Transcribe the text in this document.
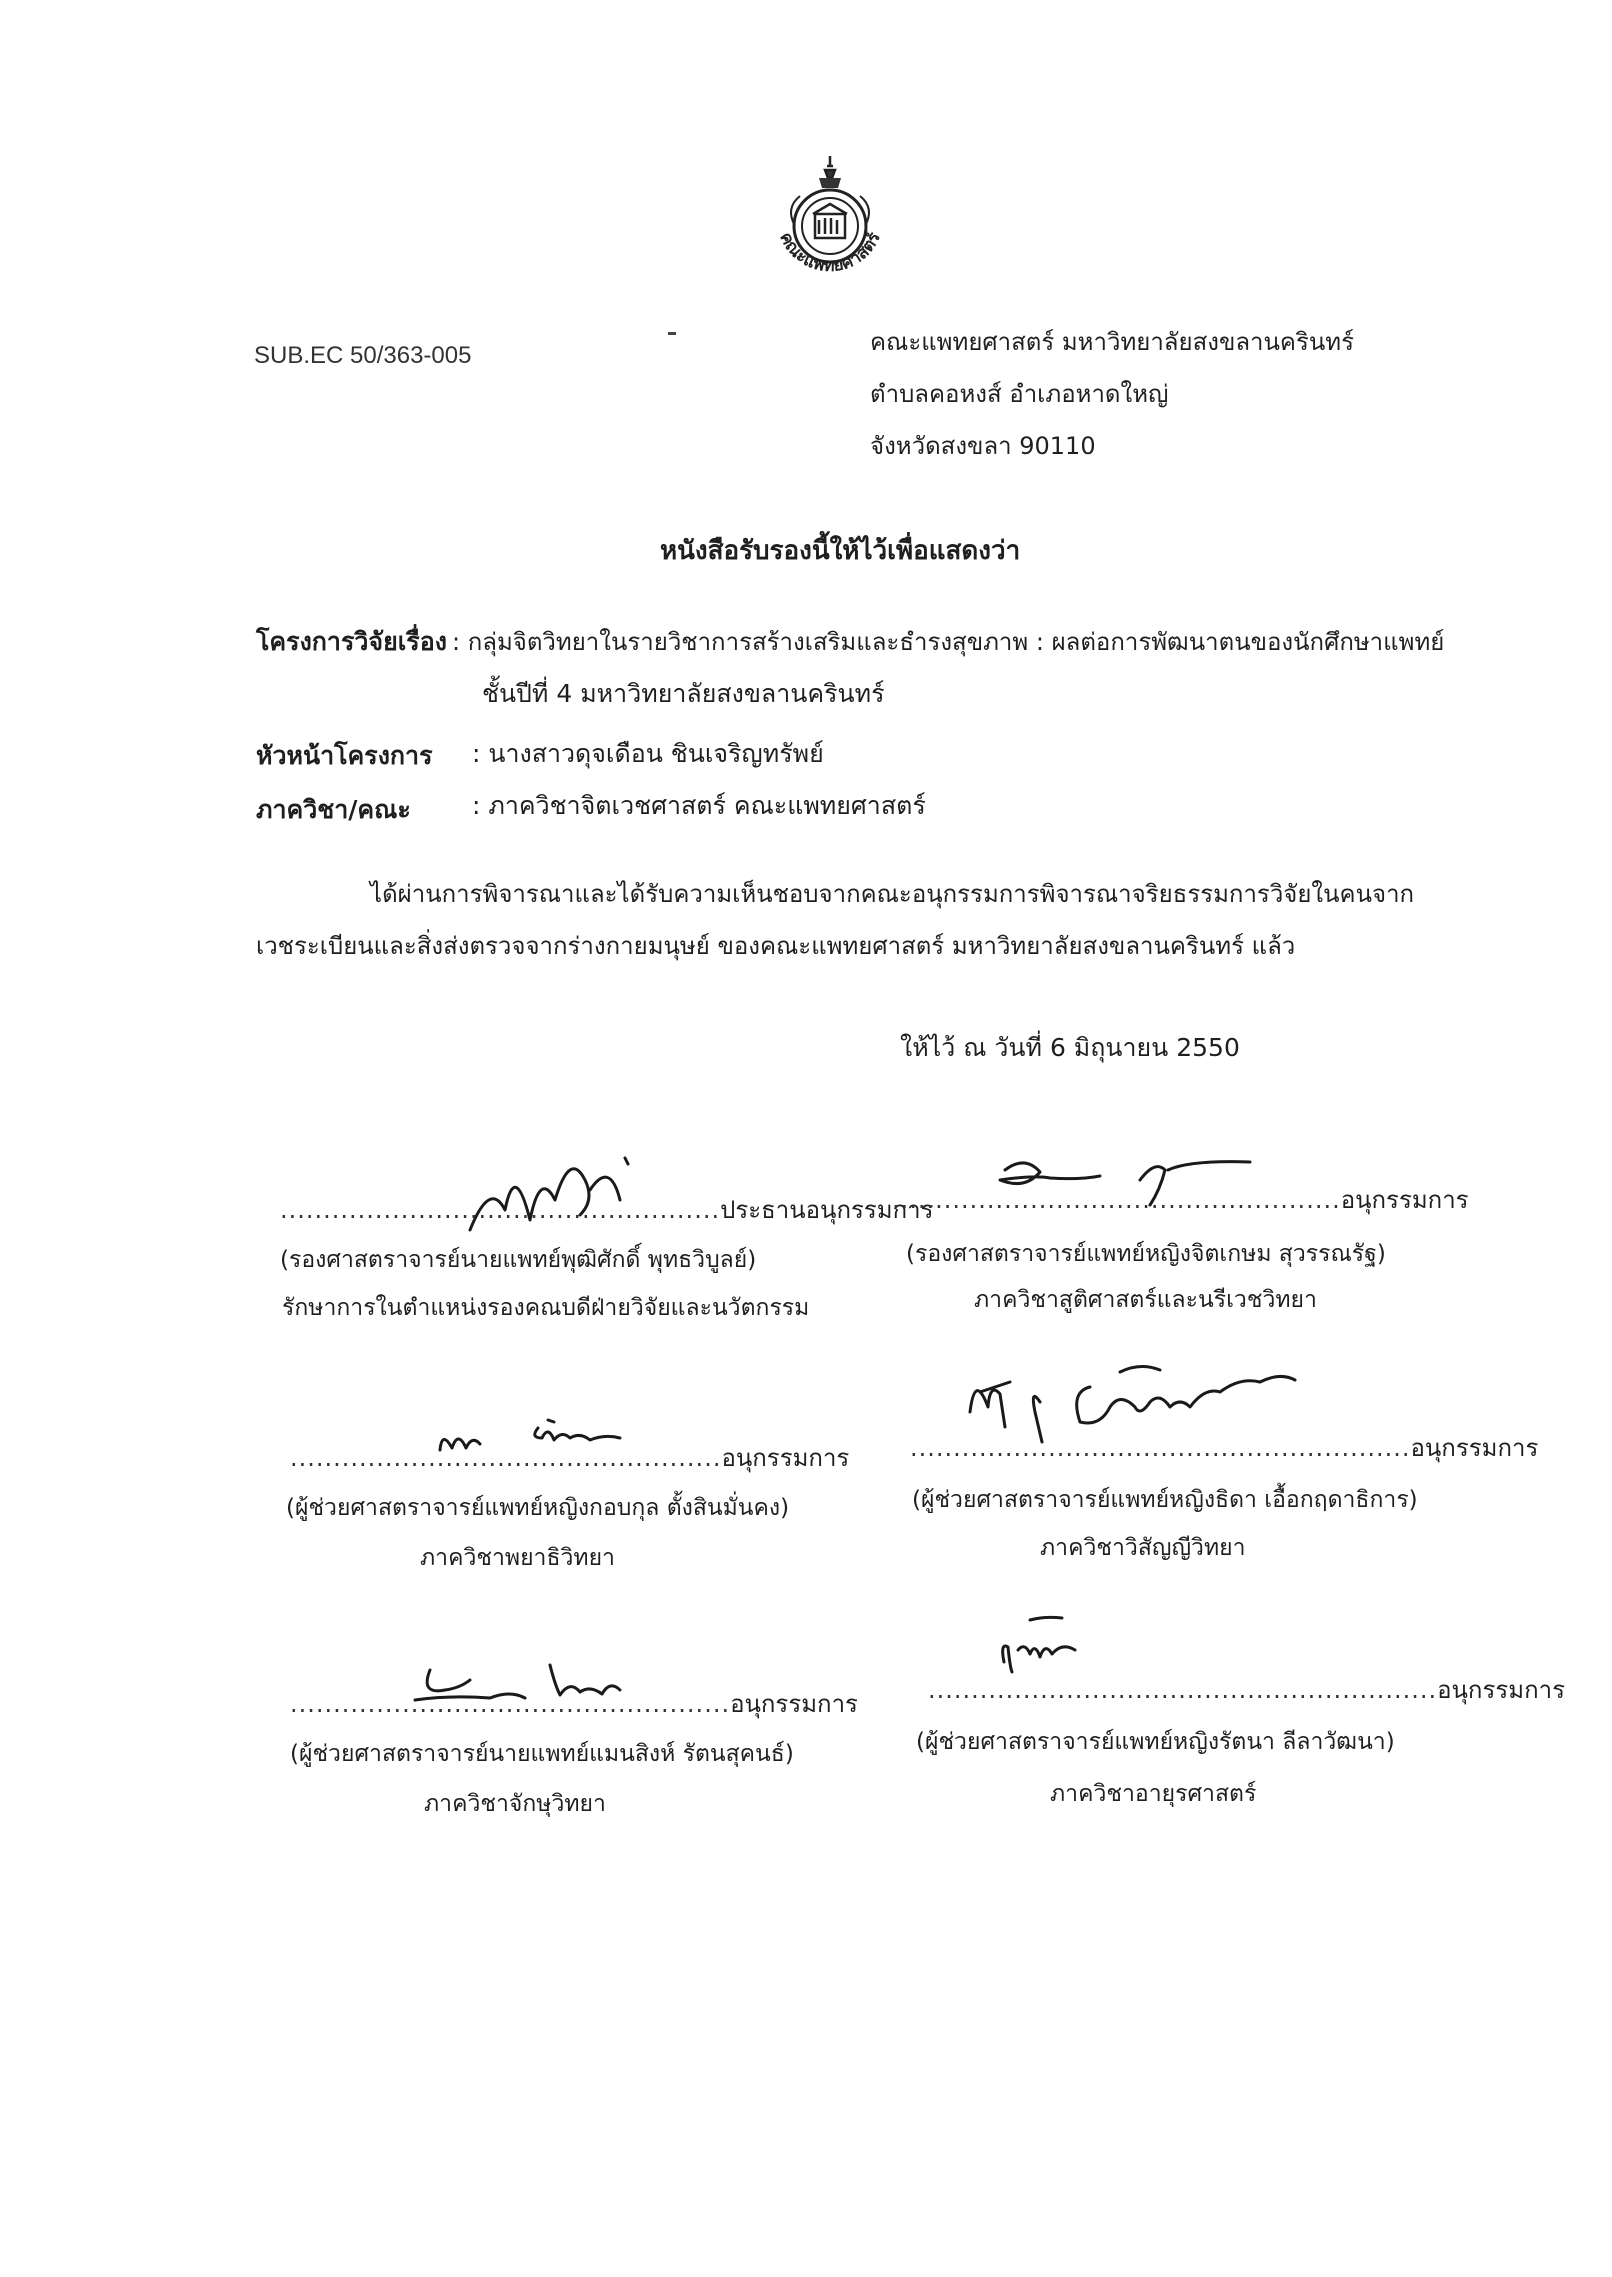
คณะแพทยศาสตร์
SUB.EC 50/363-005	คณะแพทยศาสตร์ มหาวิทยาลัยสงขลานครินทร์
ตำบลคอหงส์ อำเภอหาดใหญ่
จังหวัดสงขลา 90110
หนังสือรับรองนี้ให้ไว้เพื่อแสดงว่า
โครงการวิจัยเรื่อง : กลุ่มจิตวิทยาในรายวิชาการสร้างเสริมและธำรงสุขภาพ : ผลต่อการพัฒนาตนของนักศึกษาแพทย์
ชั้นปีที่ 4 มหาวิทยาลัยสงขลานครินทร์
หัวหน้าโครงการ : นางสาวดุจเดือน ชินเจริญทรัพย์
ภาควิชา/คณะ : ภาควิชาจิตเวชศาสตร์ คณะแพทยศาสตร์
ได้ผ่านการพิจารณาและได้รับความเห็นชอบจากคณะอนุกรรมการพิจารณาจริยธรรมการวิจัยในคนจาก
เวชระเบียนและสิ่งส่งตรวจจากร่างกายมนุษย์ ของคณะแพทยศาสตร์ มหาวิทยาลัยสงขลานครินทร์ แล้ว
ให้ไว้ ณ วันที่ 6 มิถุนายน 2550
...................................................ประธานอนุกรรมการ
(รองศาสตราจารย์นายแพทย์พุฒิศักดิ์ พุทธวิบูลย์)
รักษาการในตำแหน่งรองคณบดีฝ่ายวิจัยและนวัตกรรม
....................................................อนุกรรมการ
(รองศาสตราจารย์แพทย์หญิงจิตเกษม สุวรรณรัฐ)
ภาควิชาสูติศาสตร์และนรีเวชวิทยา
..................................................อนุกรรมการ
(ผู้ช่วยศาสตราจารย์แพทย์หญิงกอบกุล ตั้งสินมั่นคง)
ภาควิชาพยาธิวิทยา
..........................................................อนุกรรมการ
(ผู้ช่วยศาสตราจารย์แพทย์หญิงธิดา เอื้อกฤดาธิการ)
ภาควิชาวิสัญญีวิทยา
...................................................อนุกรรมการ
(ผู้ช่วยศาสตราจารย์นายแพทย์แมนสิงห์ รัตนสุคนธ์)
ภาควิชาจักษุวิทยา
...........................................................อนุกรรมการ
(ผู้ช่วยศาสตราจารย์แพทย์หญิงรัตนา ลีลาวัฒนา)
ภาควิชาอายุรศาสตร์
